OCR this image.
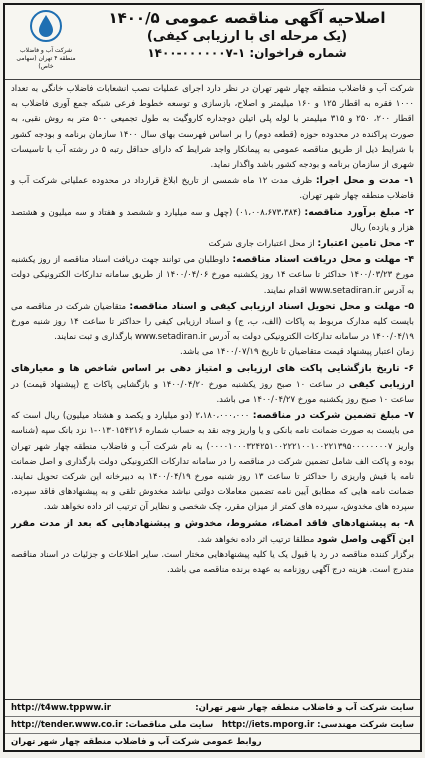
شرکت آب و فاضلاب منطقه ۴ تهران (سهامی خاص)
اصلاحیه آگهی مناقصه عمومی ۱۴۰۰/۵
(یک مرحله ای با ارزیابی کیفی)
شماره فراخوان: ۱-۰۰۰۰۰۰۷-۱۴۰۰

شرکت آب و فاضلاب منطقه چهار شهر تهران در نظر دارد اجرای عملیات نصب انشعابات فاضلاب خانگی به تعداد ۱۰۰۰ فقره به اقطار ۱۲۵ و ۱۶۰ میلیمتر و اصلاح، بازسازی و توسعه خطوط فرعی شبکه جمع آوری فاضلاب به اقطار ۲۰۰، ۲۵۰ و ۳۱۵ میلیمتر با لوله پلی اتیلن دوجداره کاروگیت به طول تجمیعی ۵۰۰ متر به روش نقبی، به صورت پراکنده در محدوده حوزه (قطعه دوم) را بر اساس فهرست بهای سال ۱۴۰۰ سازمان برنامه و بودجه کشور با شرایط ذیل از طریق مناقصه عمومی به پیمانکار واجد شرایط که دارای حداقل رتبه ۵ در رشته آب با تاسیسات شهری از سازمان برنامه و بودجه کشور باشد واگذار نماید.

۱- مدت و محل اجرا: ظرف مدت ۱۲ ماه شمسی از تاریخ ابلاغ قرارداد در محدوده عملیاتی شرکت آب و فاضلاب منطقه چهار شهر تهران.

۲- مبلغ برآورد مناقصه: (۰۱،۰۰۸،۶۷۳،۳۸۴) (چهل و سه میلیارد و ششصد و هفتاد و سه میلیون و هشتصد هزار و یازده) ریال

۳- محل تامین اعتبار: از محل اعتبارات جاری شرکت

۴- مهلت و محل دریافت اسناد مناقصه: داوطلبان می توانند جهت دریافت اسناد مناقصه از روز یکشنبه مورخ ۱۴۰۰/۰۳/۲۳ حداکثر تا ساعت ۱۴ روز یکشنبه مورخ ۱۴۰۰/۰۴/۰۶ از طریق سامانه تدارکات الکترونیکی دولت به آدرس www.setadiran.ir اقدام نمایند.

۵- مهلت و محل تحویل اسناد ارزیابی کیفی و اسناد مناقصه: متقاضیان شرکت در مناقصه می بایست کلیه مدارک مربوط به پاکات (الف، ب، ج) و اسناد ارزیابی کیفی را حداکثر تا ساعت ۱۴ روز شنبه مورخ ۱۴۰۰/۰۴/۱۹ در سامانه تدارکات الکترونیکی دولت به آدرس www.setadiran.ir بارگذاری و ثبت نمایند.

زمان اعتبار پیشنهاد قیمت متقاضیان تا تاریخ ۱۴۰۰/۰۷/۱۹ می باشد.

۶- تاریخ بازگشایی پاکت های ارزیابی و امتیاز دهی بر اساس شاخص ها و معیارهای ارزیابی کیفی در ساعت ۱۰ صبح روز یکشنبه مورخ ۱۴۰۰/۰۴/۲۰ و بازگشایی پاکات ج (پیشنهاد قیمت) در ساعت ۱۰ صبح روز یکشنبه مورخ ۱۴۰۰/۰۴/۲۷ می باشد.

۷- مبلغ تضمین شرکت در مناقصه: ۲،۱۸۰،۰۰۰،۰۰۰ (دو میلیارد و یکصد و هشتاد میلیون) ریال است که می بایست به صورت ضمانت نامه بانکی و یا واریز وجه نقد به حساب شماره ۰۱۳۰۱۵۴۲۱۶-۱ نزد بانک سپه (شناسه واریز ۰۰۰۰۱۰۰۰۳۲۴۲۵۱۰۰۲۲۲۱۰۰۱۰۰۲۲۱۳۹۵۰۰۰۰۰۰۰۰۷) به نام شرکت آب و فاضلاب منطقه چهار شهر تهران بوده و پاکت الف شامل تضمین شرکت در مناقصه را در سامانه تدارکات الکترونیکی دولت بارگذاری و اصل ضمانت نامه یا فیش واریزی را حداکثر تا ساعت ۱۳ روز شنبه مورخ ۱۴۰۰/۰۴/۱۹ به دبیرخانه این شرکت تحویل نمایند. ضمانت نامه هایی که مطابق آیین نامه تضمین معاملات دولتی نباشد مخدوش تلقی و به پیشنهادهای فاقد سپرده، سپرده های مخدوش، سپرده های کمتر از میزان مقرر، چک شخصی و نظایر آن ترتیب اثر داده نخواهد شد.

۸- به پیشنهادهای فاقد امضاء، مشروط، مخدوش و پیشنهادهایی که بعد از مدت مقرر این آگهی واصل شود مطلقا ترتیب اثر داده نخواهد شد.

برگزار کننده مناقصه در رد یا قبول یک یا کلیه پیشنهادهایی مختار است. سایر اطلاعات و جزئیات در اسناد مناقصه مندرج است. هزینه درج آگهی روزنامه به عهده برنده مناقصه می باشد.

سایت شرکت آب و فاضلاب منطقه چهار شهر تهران:
http://t4ww.tppww.ir
سایت شرکت مهندسی: http://iets.mporg.ir
سایت ملی مناقصات: http://tender.www.co.ir
روابط عمومی شرکت آب و فاضلاب منطقه چهار شهر تهران
